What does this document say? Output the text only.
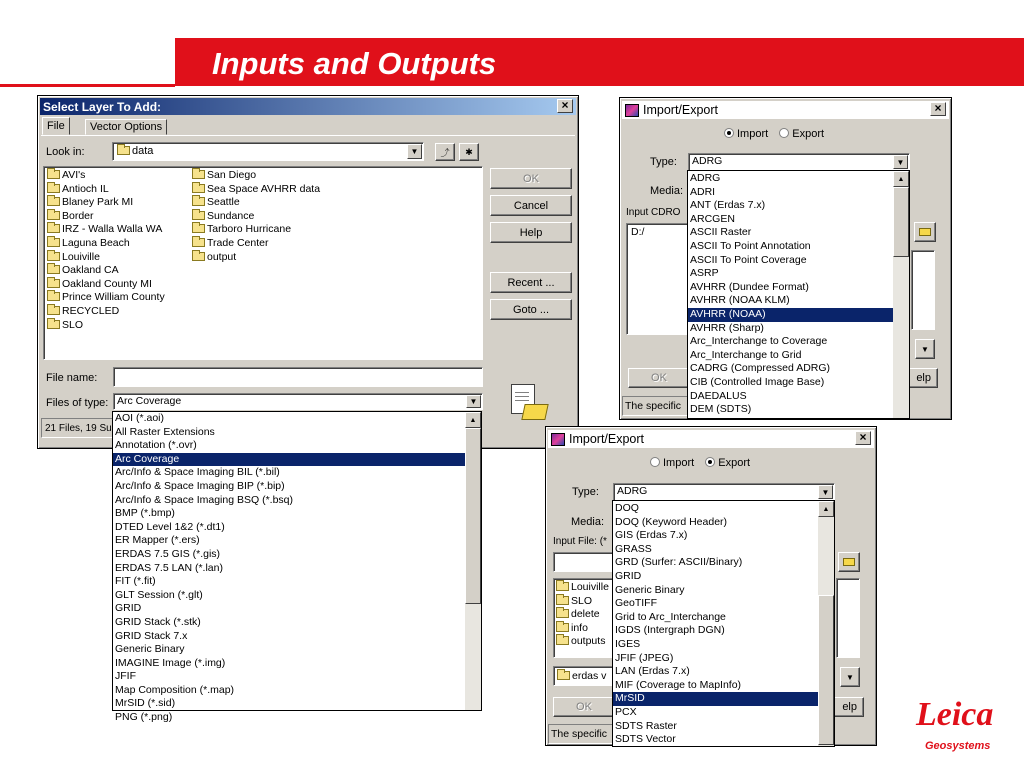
Inputs and Outputs
Select Layer To Add:	×
File	Vector Options
Look in:	data	▼	⤴ ✱
AVI's
Antioch IL
Blaney Park MI
Border
IRZ - Walla Walla WA
Laguna Beach
Louiville
Oakland CA
Oakland County MI
Prince William County
RECYCLED
SLO
San Diego
Sea Space AVHRR data
Seattle
Sundance
Tarboro Hurricane
Trade Center
output
OK
Cancel
Help
Recent ...
Goto ...
File name:
Files of type: Arc Coverage	▼
21 Files, 19 Su
AOI (*.aoi)
All Raster Extensions
Annotation (*.ovr)
Arc Coverage
Arc/Info & Space Imaging BIL (*.bil)
Arc/Info & Space Imaging BIP (*.bip)
Arc/Info & Space Imaging BSQ (*.bsq)
BMP (*.bmp)
DTED Level 1&2 (*.dt1)
ER Mapper (*.ers)
ERDAS 7.5 GIS (*.gis)
ERDAS 7.5 LAN (*.lan)
FIT (*.fit)
GLT Session (*.glt)
GRID
GRID Stack (*.stk)
GRID Stack 7.x
Generic Binary
IMAGINE Image (*.img)
JFIF
Map Composition (*.map)
MrSID (*.sid)
PNG (*.png)
▲
Import/Export	×
Import Export
Type: ADRG	▼
Media:
Input CDRO
D:/
▼
OK	elp
The specific
ADRG
ADRI
ANT (Erdas 7.x)
ARCGEN
ASCII Raster
ASCII To Point Annotation
ASCII To Point Coverage
ASRP
AVHRR (Dundee Format)
AVHRR (NOAA KLM)
AVHRR (NOAA)
AVHRR (Sharp)
Arc_Interchange to Coverage
Arc_Interchange to Grid
CADRG (Compressed ADRG)
CIB (Controlled Image Base)
DAEDALUS
DEM (SDTS)
▲
Import/Export	×
Import Export
Type: ADRG	▼
Media:
Input File: (*
Louiville
SLO
delete
info
outputs
erdas v	▼
OK	elp
The specific
DOQ
DOQ (Keyword Header)
GIS (Erdas 7.x)
GRASS
GRD (Surfer: ASCII/Binary)
GRID
Generic Binary
GeoTIFF
Grid to Arc_Interchange
IGDS (Intergraph DGN)
IGES
JFIF (JPEG)
LAN (Erdas 7.x)
MIF (Coverage to MapInfo)
MrSID
PCX
SDTS Raster
SDTS Vector
▲
Leica
Geosystems
